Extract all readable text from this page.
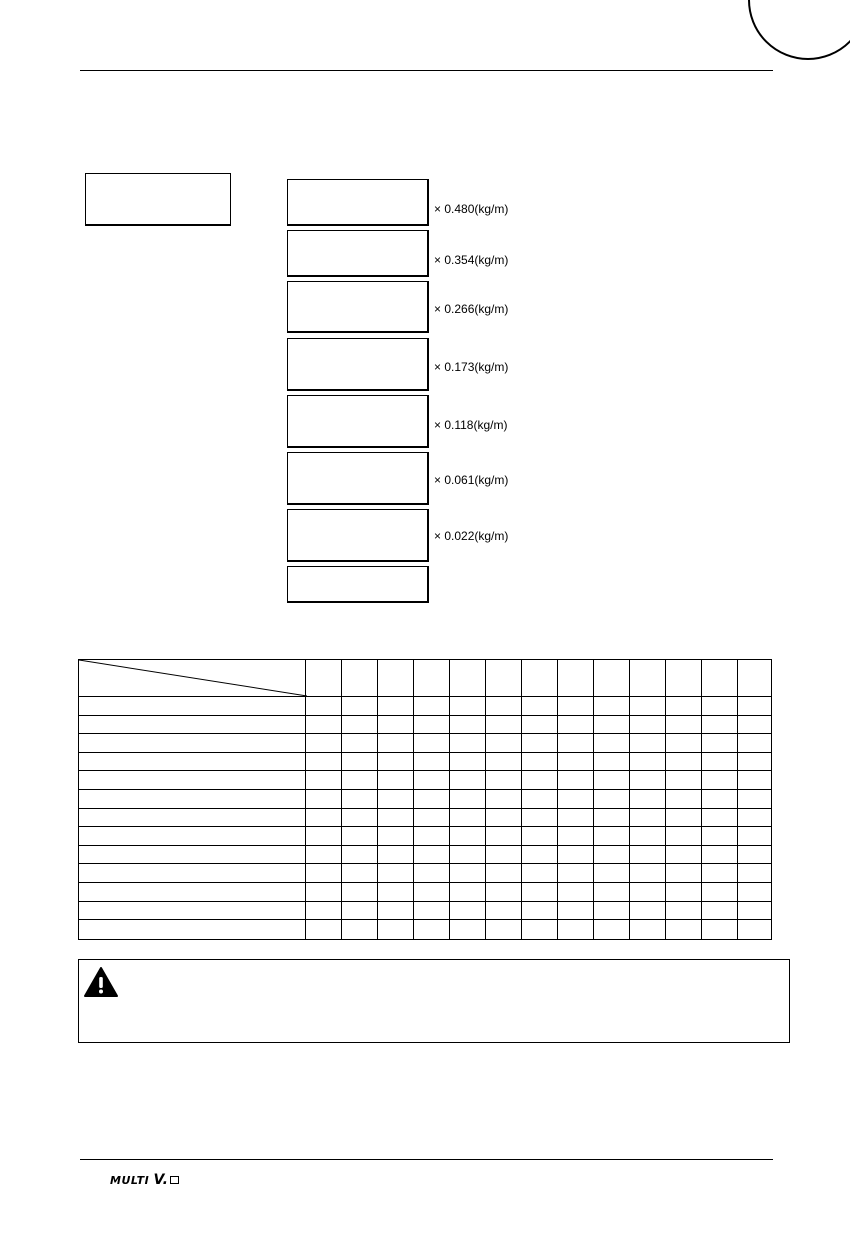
× 0.480(kg/m)
× 0.354(kg/m)
× 0.266(kg/m)
× 0.173(kg/m)
× 0.118(kg/m)
× 0.061(kg/m)
× 0.022(kg/m)
MULTI V.
